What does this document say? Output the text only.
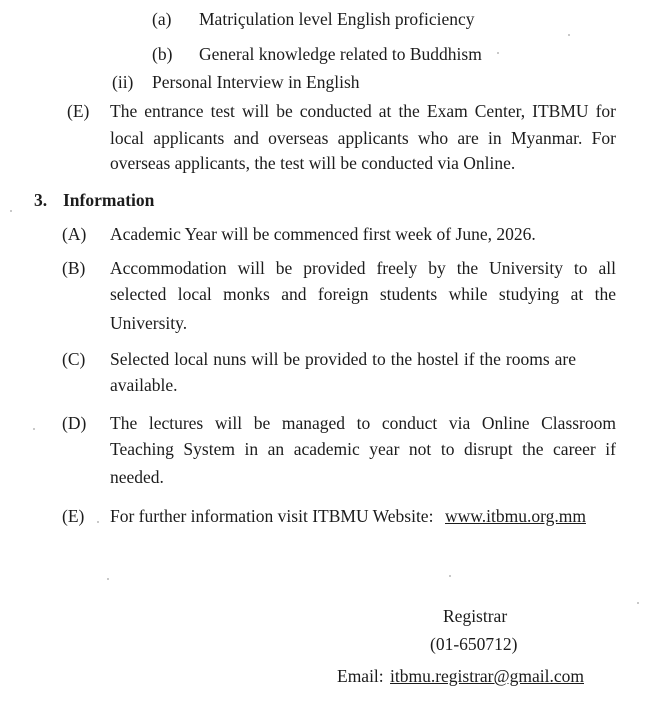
(a) Matriçulation level English proficiency
(b) General knowledge related to Buddhism
(ii) Personal Interview in English
(E) The entrance test will be conducted at the Exam Center, ITBMU for
local applicants and overseas applicants who are in Myanmar. For
overseas applicants, the test will be conducted via Online.
3. Information
(A) Academic Year will be commenced first week of June, 2026.
(B) Accommodation will be provided freely by the University to all
selected local monks and foreign students while studying at the
University.
(C) Selected local nuns will be provided to the hostel if the rooms are
available.
(D) The lectures will be managed to conduct via Online Classroom
Teaching System in an academic year not to disrupt the career if
needed.
(E) For further information visit ITBMU Website: www.itbmu.org.mm
Registrar
(01-650712)
Email: itbmu.registrar@gmail.com
